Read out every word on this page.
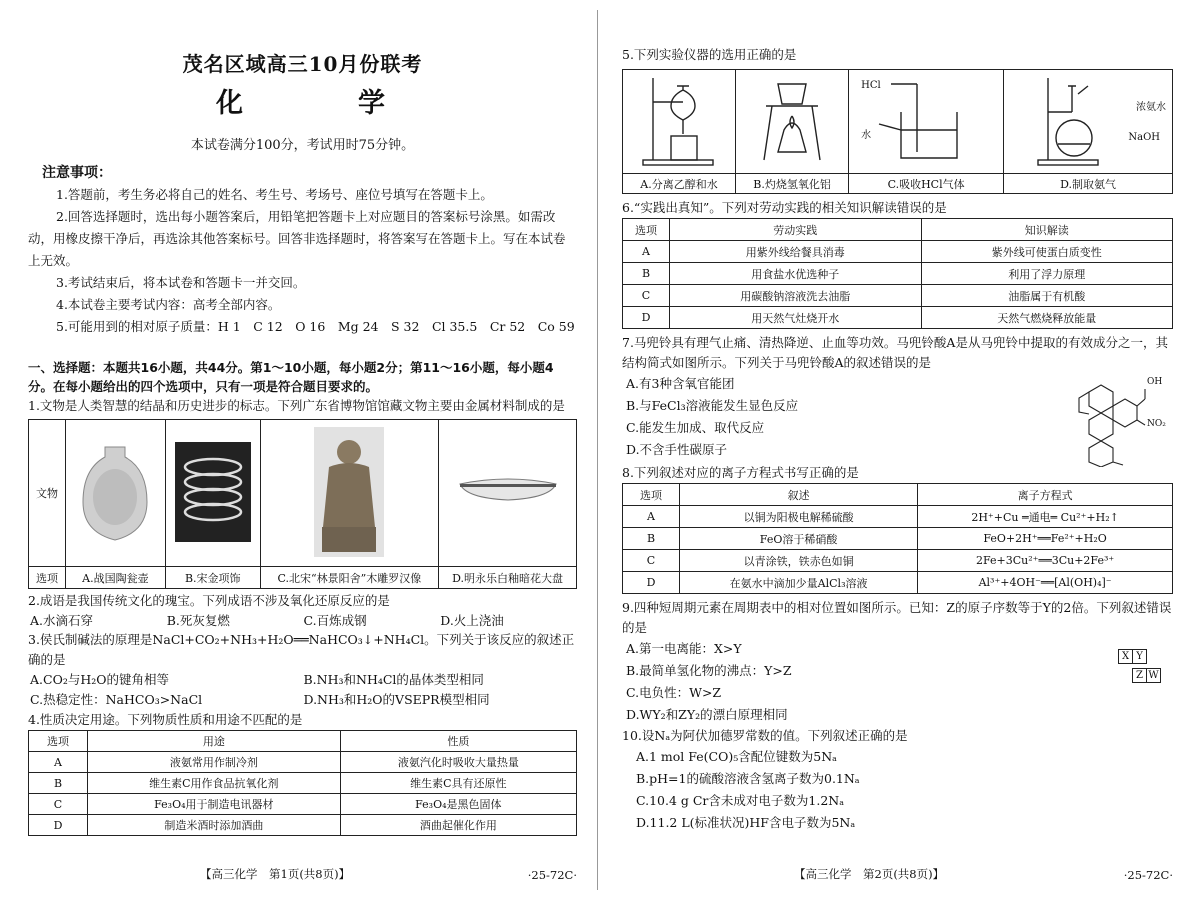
茂名区域高三10月份联考
化　学
本试卷满分100分，考试用时75分钟。
注意事项：
1.答题前，考生务必将自己的姓名、考生号、考场号、座位号填写在答题卡上。
2.回答选择题时，选出每小题答案后，用铅笔把答题卡上对应题目的答案标号涂黑。如需改动，用橡皮擦干净后，再选涂其他答案标号。回答非选择题时，将答案写在答题卡上。写在本试卷上无效。
3.考试结束后，将本试卷和答题卡一并交回。
4.本试卷主要考试内容：高考全部内容。
5.可能用到的相对原子质量：H 1　C 12　O 16　Mg 24　S 32　Cl 35.5　Cr 52　Co 59
一、选择题：本题共16小题，共44分。第1～10小题，每小题2分；第11～16小题，每小题4分。在每小题给出的四个选项中，只有一项是符合题目要求的。
1.文物是人类智慧的结晶和历史进步的标志。下列广东省博物馆馆藏文物主要由金属材料制成的是
文物				
选项	A.战国陶瓮壶	B.宋金项饰	C.北宋“林景阳舍”木雕罗汉像	D.明永乐白釉暗花大盘
2.成语是我国传统文化的瑰宝。下列成语不涉及氧化还原反应的是
A.水滴石穿	B.死灰复燃	C.百炼成钢	D.火上浇油
3.侯氏制碱法的原理是NaCl+CO₂+NH₃+H₂O══NaHCO₃↓+NH₄Cl。下列关于该反应的叙述正确的是
A.CO₂与H₂O的键角相等	B.NH₃和NH₄Cl的晶体类型相同
C.热稳定性：NaHCO₃>NaCl	D.NH₃和H₂O的VSEPR模型相同
4.性质决定用途。下列物质性质和用途不匹配的是
选项	用途	性质
A	液氨常用作制冷剂	液氨汽化时吸收大量热量
B	维生素C用作食品抗氧化剂	维生素C具有还原性
C	Fe₃O₄用于制造电讯器材	Fe₃O₄是黑色固体
D	制造米酒时添加酒曲	酒曲起催化作用
【高三化学　第1页(共8页)】	·25-72C·
5.下列实验仪器的选用正确的是

HCl
水	浓氨水
NaOH

A.分离乙醇和水	B.灼烧氢氧化铝	C.吸收HCl气体	D.制取氨气
6.“实践出真知”。下列对劳动实践的相关知识解读错误的是
选项	劳动实践	知识解读
A	用紫外线给餐具消毒	紫外线可使蛋白质变性
B	用食盐水优选种子	利用了浮力原理
C	用碳酸钠溶液洗去油脂	油脂属于有机酸
D	用天然气灶烧开水	天然气燃烧释放能量
7.马兜铃具有理气止痛、清热降逆、止血等功效。马兜铃酸A是从马兜铃中提取的有效成分之一，其结构简式如图所示。下列关于马兜铃酸A的叙述错误的是
A.有3种含氧官能团
B.与FeCl₃溶液能发生显色反应
C.能发生加成、取代反应
D.不含手性碳原子
OH
NO₂
8.下列叙述对应的离子方程式书写正确的是
选项	叙述	离子方程式
A	以铜为阳极电解稀硫酸	2H⁺+Cu ═通电═ Cu²⁺+H₂↑
B	FeO溶于稀硝酸	FeO+2H⁺══Fe²⁺+H₂O
C	以青涂铁，铁赤色如铜	2Fe+3Cu²⁺══3Cu+2Fe³⁺
D	在氨水中滴加少量AlCl₃溶液	Al³⁺+4OH⁻══[Al(OH)₄]⁻
9.四种短周期元素在周期表中的相对位置如图所示。已知：Z的原子序数等于Y的2倍。下列叙述错误的是
A.第一电离能：X>Y
B.最简单氢化物的沸点：Y>Z
C.电负性：W>Z
D.WY₂和ZY₂的漂白原理相同
X Y
Z W
10.设Nₐ为阿伏加德罗常数的值。下列叙述正确的是
A.1 mol Fe(CO)₅含配位键数为5Nₐ
B.pH=1的硫酸溶液含氢离子数为0.1Nₐ
C.10.4 g Cr含未成对电子数为1.2Nₐ
D.11.2 L(标准状况)HF含电子数为5Nₐ
【高三化学　第2页(共8页)】	·25-72C·
